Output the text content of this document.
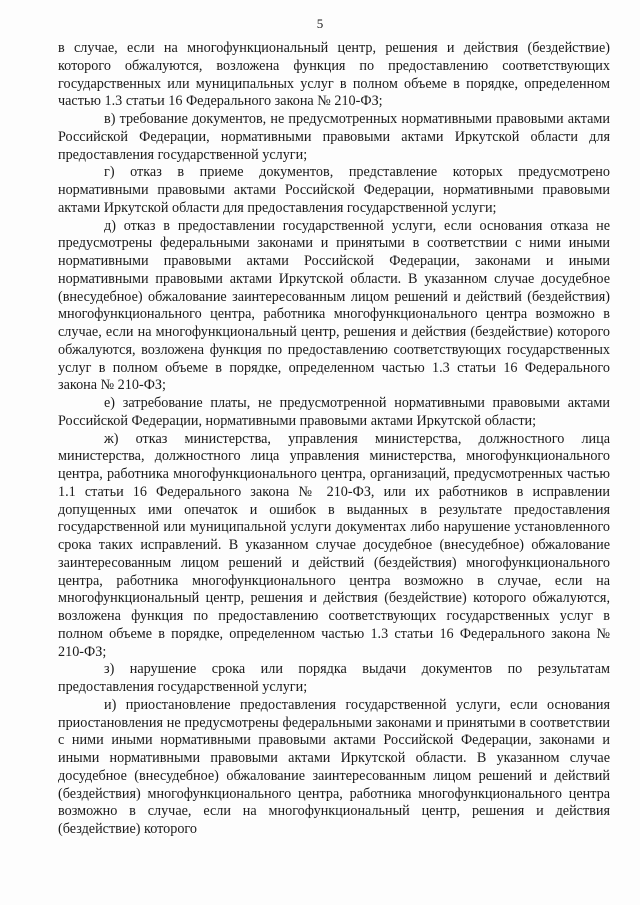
5

в случае, если на многофункциональный центр, решения и действия (бездействие) которого обжалуются, возложена функция по предоставлению соответствующих государственных или муниципальных услуг в полном объеме в порядке, определенном частью 1.3 статьи 16 Федерального закона № 210-ФЗ;

в) требование документов, не предусмотренных нормативными правовыми актами Российской Федерации, нормативными правовыми актами Иркутской области для предоставления государственной услуги;

г) отказ в приеме документов, представление которых предусмотрено нормативными правовыми актами Российской Федерации, нормативными правовыми актами Иркутской области для предоставления государственной услуги;

д) отказ в предоставлении государственной услуги, если основания отказа не предусмотрены федеральными законами и принятыми в соответствии с ними иными нормативными правовыми актами Российской Федерации, законами и иными нормативными правовыми актами Иркутской области. В указанном случае досудебное (внесудебное) обжалование заинтересованным лицом решений и действий (бездействия) многофункционального центра, работника многофункционального центра возможно в случае, если на многофункциональный центр, решения и действия (бездействие) которого обжалуются, возложена функция по предоставлению соответствующих государственных услуг в полном объеме в порядке, определенном частью 1.3 статьи 16 Федерального закона № 210-ФЗ;

е) затребование платы, не предусмотренной нормативными правовыми актами Российской Федерации, нормативными правовыми актами Иркутской области;

ж) отказ министерства, управления министерства, должностного лица министерства, должностного лица управления министерства, многофункционального центра, работника многофункционального центра, организаций, предусмотренных частью 1.1 статьи 16 Федерального закона № 210-ФЗ, или их работников в исправлении допущенных ими опечаток и ошибок в выданных в результате предоставления государственной или муниципальной услуги документах либо нарушение установленного срока таких исправлений. В указанном случае досудебное (внесудебное) обжалование заинтересованным лицом решений и действий (бездействия) многофункционального центра, работника многофункционального центра возможно в случае, если на многофункциональный центр, решения и действия (бездействие) которого обжалуются, возложена функция по предоставлению соответствующих государственных услуг в полном объеме в порядке, определенном частью 1.3 статьи 16 Федерального закона № 210-ФЗ;

з) нарушение срока или порядка выдачи документов по результатам предоставления государственной услуги;

и) приостановление предоставления государственной услуги, если основания приостановления не предусмотрены федеральными законами и принятыми в соответствии с ними иными нормативными правовыми актами Российской Федерации, законами и иными нормативными правовыми актами Иркутской области. В указанном случае досудебное (внесудебное) обжалование заинтересованным лицом решений и действий (бездействия) многофункционального центра, работника многофункционального центра возможно в случае, если на многофункциональный центр, решения и действия (бездействие) которого
